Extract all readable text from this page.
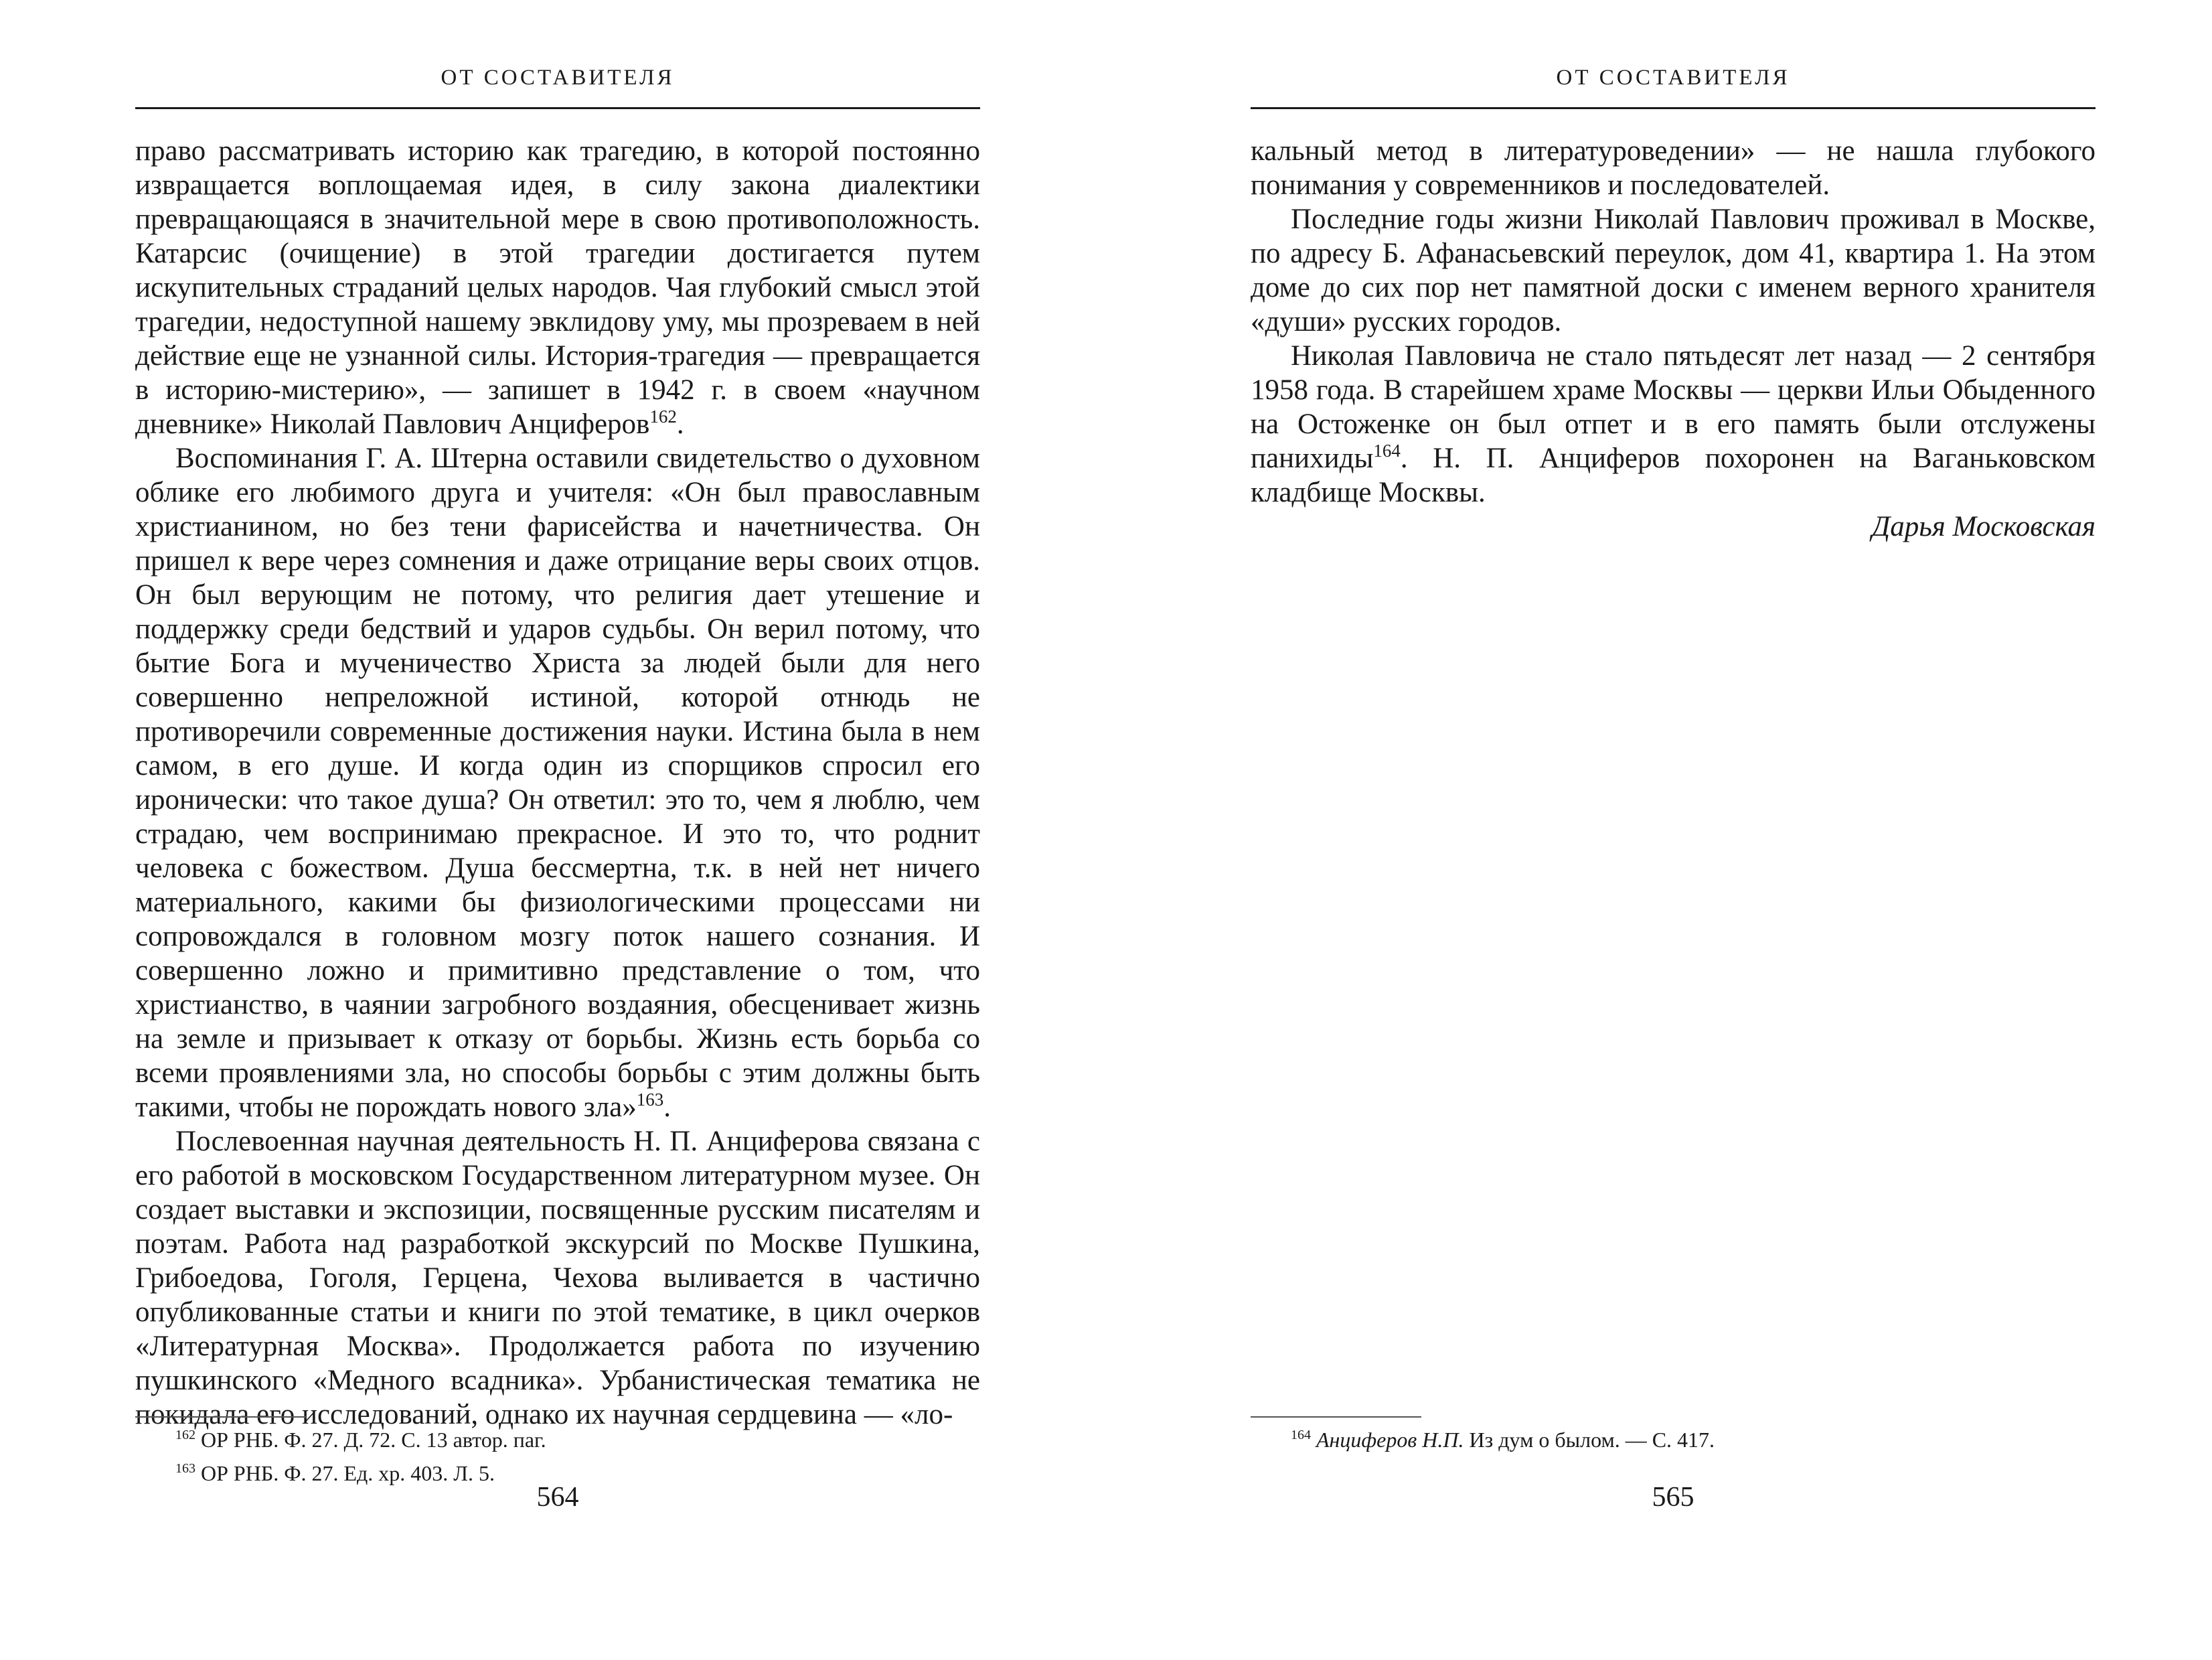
ОТ СОСТАВИТЕЛЯ

право рассматривать историю как трагедию, в которой постоянно извращается воплощаемая идея, в силу закона диалектики превращающаяся в значительной мере в свою противоположность. Катарсис (очищение) в этой трагедии достигается путем искупительных страданий целых народов. Чая глубокий смысл этой трагедии, недоступной нашему эвклидову уму, мы прозреваем в ней действие еще не узнанной силы. История-трагедия — превращается в историю-мистерию», — запишет в 1942 г. в своем «научном дневнике» Николай Павлович Анциферов$^{162}$.

Воспоминания Г. А. Штерна оставили свидетельство о духовном облике его любимого друга и учителя: «Он был православным христианином, но без тени фарисейства и начетничества. Он пришел к вере через сомнения и даже отрицание веры своих отцов. Он был верующим не потому, что религия дает утешение и поддержку среди бедствий и ударов судьбы. Он верил потому, что бытие Бога и мученичество Христа за людей были для него совершенно непреложной истиной, которой отнюдь не противоречили современные достижения науки. Истина была в нем самом, в его душе. И когда один из спорщиков спросил его иронически: что такое душа? Он ответил: это то, чем я люблю, чем страдаю, чем воспринимаю прекрасное. И это то, что роднит человека с божеством. Душа бессмертна, т.к. в ней нет ничего материального, какими бы физиологическими процессами ни сопровождался в головном мозгу поток нашего сознания. И совершенно ложно и примитивно представление о том, что христианство, в чаянии загробного воздаяния, обесценивает жизнь на земле и призывает к отказу от борьбы. Жизнь есть борьба со всеми проявлениями зла, но способы борьбы с этим должны быть такими, чтобы не порождать нового зла»$^{163}$.

Послевоенная научная деятельность Н. П. Анциферова связана с его работой в московском Государственном литературном музее. Он создает выставки и экспозиции, посвященные русским писателям и поэтам. Работа над разработкой экскурсий по Москве Пушкина, Грибоедова, Гоголя, Герцена, Чехова выливается в частично опубликованные статьи и книги по этой тематике, в цикл очерков «Литературная Москва». Продолжается работа по изучению пушкинского «Медного всадника». Урбанистическая тематика не покидала его исследований, однако их научная сердцевина — «ло-

$^{162}$ ОР РНБ. Ф. 27. Д. 72. С. 13 автор. паг.
$^{163}$ ОР РНБ. Ф. 27. Ед. хр. 403. Л. 5.
564
ОТ СОСТАВИТЕЛЯ

кальный метод в литературоведении» — не нашла глубокого понимания у современников и последователей.

Последние годы жизни Николай Павлович проживал в Москве, по адресу Б. Афанасьевский переулок, дом 41, квартира 1. На этом доме до сих пор нет памятной доски с именем верного хранителя «души» русских городов.

Николая Павловича не стало пятьдесят лет назад — 2 сентября 1958 года. В старейшем храме Москвы — церкви Ильи Обыденного на Остоженке он был отпет и в его память были отслужены панихиды$^{164}$. Н. П. Анциферов похоронен на Ваганьковском кладбище Москвы.

Дарья Московская

$^{164}$ Анциферов Н.П. Из дум о былом. — С. 417.
565
